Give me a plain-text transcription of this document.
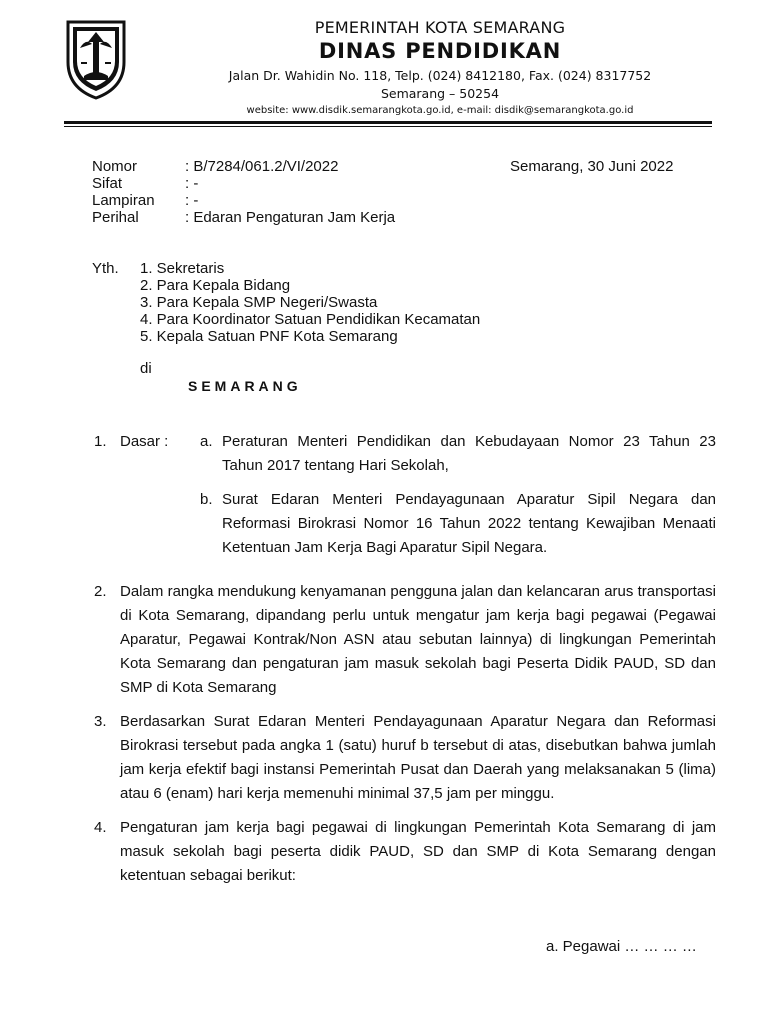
PEMERINTAH KOTA SEMARANG
DINAS PENDIDIKAN
Jalan Dr. Wahidin No. 118, Telp. (024) 8412180, Fax. (024) 8317752
Semarang – 50254
website: www.disdik.semarangkota.go.id, e-mail: disdik@semarangkota.go.id
Nomor	: B/7284/061.2/VI/2022
Sifat	: -
Lampiran	: -
Perihal	: Edaran Pengaturan Jam Kerja
Semarang, 30 Juni 2022
Yth. 1. Sekretaris
2. Para Kepala Bidang
3. Para Kepala SMP Negeri/Swasta
4. Para Koordinator Satuan Pendidikan Kecamatan
5. Kepala Satuan PNF Kota Semarang
di
SEMARANG
1. Dasar :	a. Peraturan Menteri Pendidikan dan Kebudayaan Nomor 23 Tahun 23 Tahun 2017 tentang Hari Sekolah,
b. Surat Edaran Menteri Pendayagunaan Aparatur Sipil Negara dan Reformasi Birokrasi Nomor 16 Tahun 2022 tentang Kewajiban Menaati Ketentuan Jam Kerja Bagi Aparatur Sipil Negara.
2. Dalam rangka mendukung kenyamanan pengguna jalan dan kelancaran arus transportasi di Kota Semarang, dipandang perlu untuk mengatur jam kerja bagi pegawai (Pegawai Aparatur, Pegawai Kontrak/Non ASN atau sebutan lainnya) di lingkungan Pemerintah Kota Semarang dan pengaturan jam masuk sekolah bagi Peserta Didik PAUD, SD dan SMP di Kota Semarang
3. Berdasarkan Surat Edaran Menteri Pendayagunaan Aparatur Negara dan Reformasi Birokrasi tersebut pada angka 1 (satu) huruf b tersebut di atas, disebutkan bahwa jumlah jam kerja efektif bagi instansi Pemerintah Pusat dan Daerah yang melaksanakan 5 (lima) atau 6 (enam) hari kerja memenuhi minimal 37,5 jam per minggu.
4. Pengaturan jam kerja bagi pegawai di lingkungan Pemerintah Kota Semarang di jam masuk sekolah bagi peserta didik PAUD, SD dan SMP di Kota Semarang dengan ketentuan sebagai berikut:
a. Pegawai … … … …
